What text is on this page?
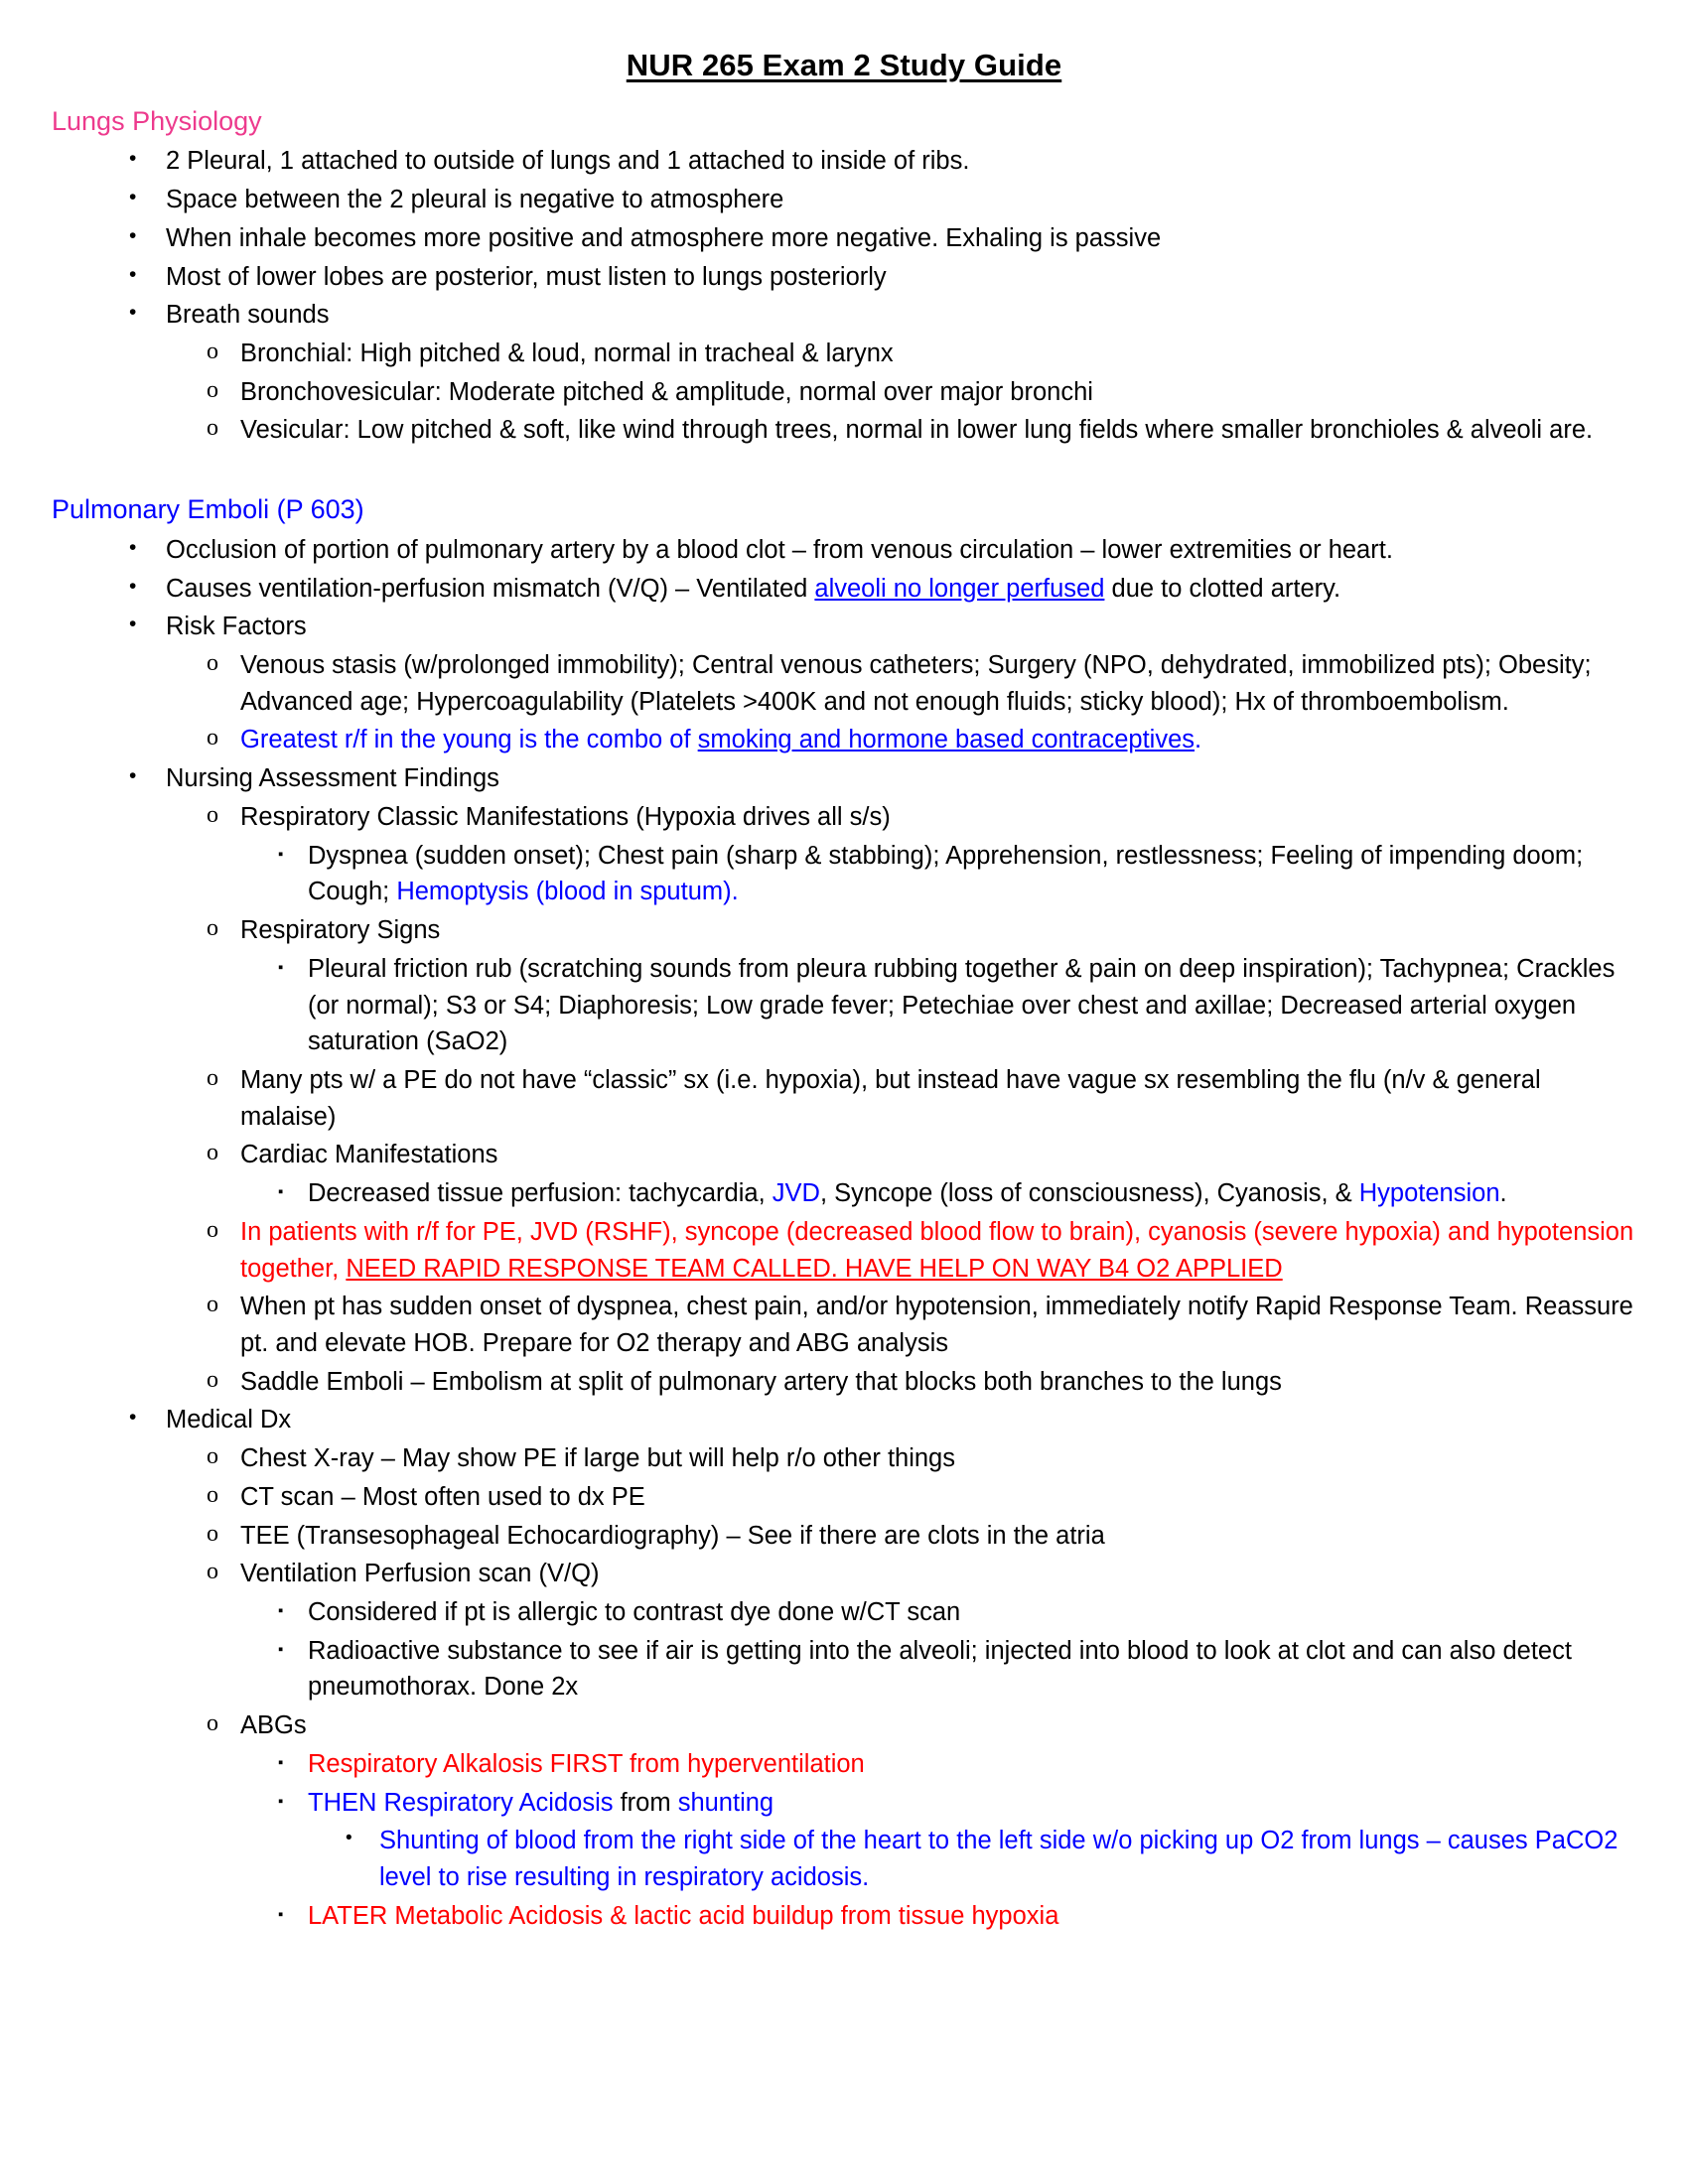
NUR 265 Exam 2 Study Guide
Lungs Physiology
•	2 Pleural, 1 attached to outside of lungs and 1 attached to inside of ribs.
•	Space between the 2 pleural is negative to atmosphere
•	When inhale becomes more positive and atmosphere more negative. Exhaling is passive
•	Most of lower lobes are posterior, must listen to lungs posteriorly
•	Breath sounds
o Bronchial: High pitched & loud, normal in tracheal & larynx
o Bronchovesicular: Moderate pitched & amplitude, normal over major bronchi
o Vesicular: Low pitched & soft, like wind through trees, normal in lower lung fields where smaller bronchioles & alveoli are.
Pulmonary Emboli (P 603)
•	Occlusion of portion of pulmonary artery by a blood clot – from venous circulation – lower extremities or heart.
•	Causes ventilation-perfusion mismatch (V/Q) – Ventilated alveoli no longer perfused due to clotted artery.
•	Risk Factors
o Venous stasis (w/prolonged immobility); Central venous catheters; Surgery (NPO, dehydrated, immobilized pts); Obesity; Advanced age; Hypercoagulability (Platelets >400K and not enough fluids; sticky blood); Hx of thromboembolism.
o Greatest r/f in the young is the combo of smoking and hormone based contraceptives.
•	Nursing Assessment Findings
o Respiratory Classic Manifestations (Hypoxia drives all s/s)
▪ Dyspnea (sudden onset); Chest pain (sharp & stabbing); Apprehension, restlessness; Feeling of impending doom; Cough; Hemoptysis (blood in sputum).
o Respiratory Signs
▪ Pleural friction rub (scratching sounds from pleura rubbing together & pain on deep inspiration); Tachypnea; Crackles (or normal); S3 or S4; Diaphoresis; Low grade fever; Petechiae over chest and axillae; Decreased arterial oxygen saturation (SaO2)
o Many pts w/ a PE do not have “classic” sx (i.e. hypoxia), but instead have vague sx resembling the flu (n/v & general malaise)
o Cardiac Manifestations
▪ Decreased tissue perfusion: tachycardia, JVD, Syncope (loss of consciousness), Cyanosis, & Hypotension.
o In patients with r/f for PE, JVD (RSHF), syncope (decreased blood flow to brain), cyanosis (severe hypoxia) and hypotension together, NEED RAPID RESPONSE TEAM CALLED. HAVE HELP ON WAY B4 O2 APPLIED
o When pt has sudden onset of dyspnea, chest pain, and/or hypotension, immediately notify Rapid Response Team. Reassure pt. and elevate HOB. Prepare for O2 therapy and ABG analysis
o Saddle Emboli – Embolism at split of pulmonary artery that blocks both branches to the lungs
•	Medical Dx
o Chest X-ray – May show PE if large but will help r/o other things
o CT scan – Most often used to dx PE
o TEE (Transesophageal Echocardiography) – See if there are clots in the atria
o Ventilation Perfusion scan (V/Q)
▪ Considered if pt is allergic to contrast dye done w/CT scan
▪ Radioactive substance to see if air is getting into the alveoli; injected into blood to look at clot and can also detect pneumothorax. Done 2x
o ABGs
▪ Respiratory Alkalosis FIRST from hyperventilation
▪ THEN Respiratory Acidosis from shunting
•	Shunting of blood from the right side of the heart to the left side w/o picking up O2 from lungs – causes PaCO2 level to rise resulting in respiratory acidosis.
▪ LATER Metabolic Acidosis & lactic acid buildup from tissue hypoxia
